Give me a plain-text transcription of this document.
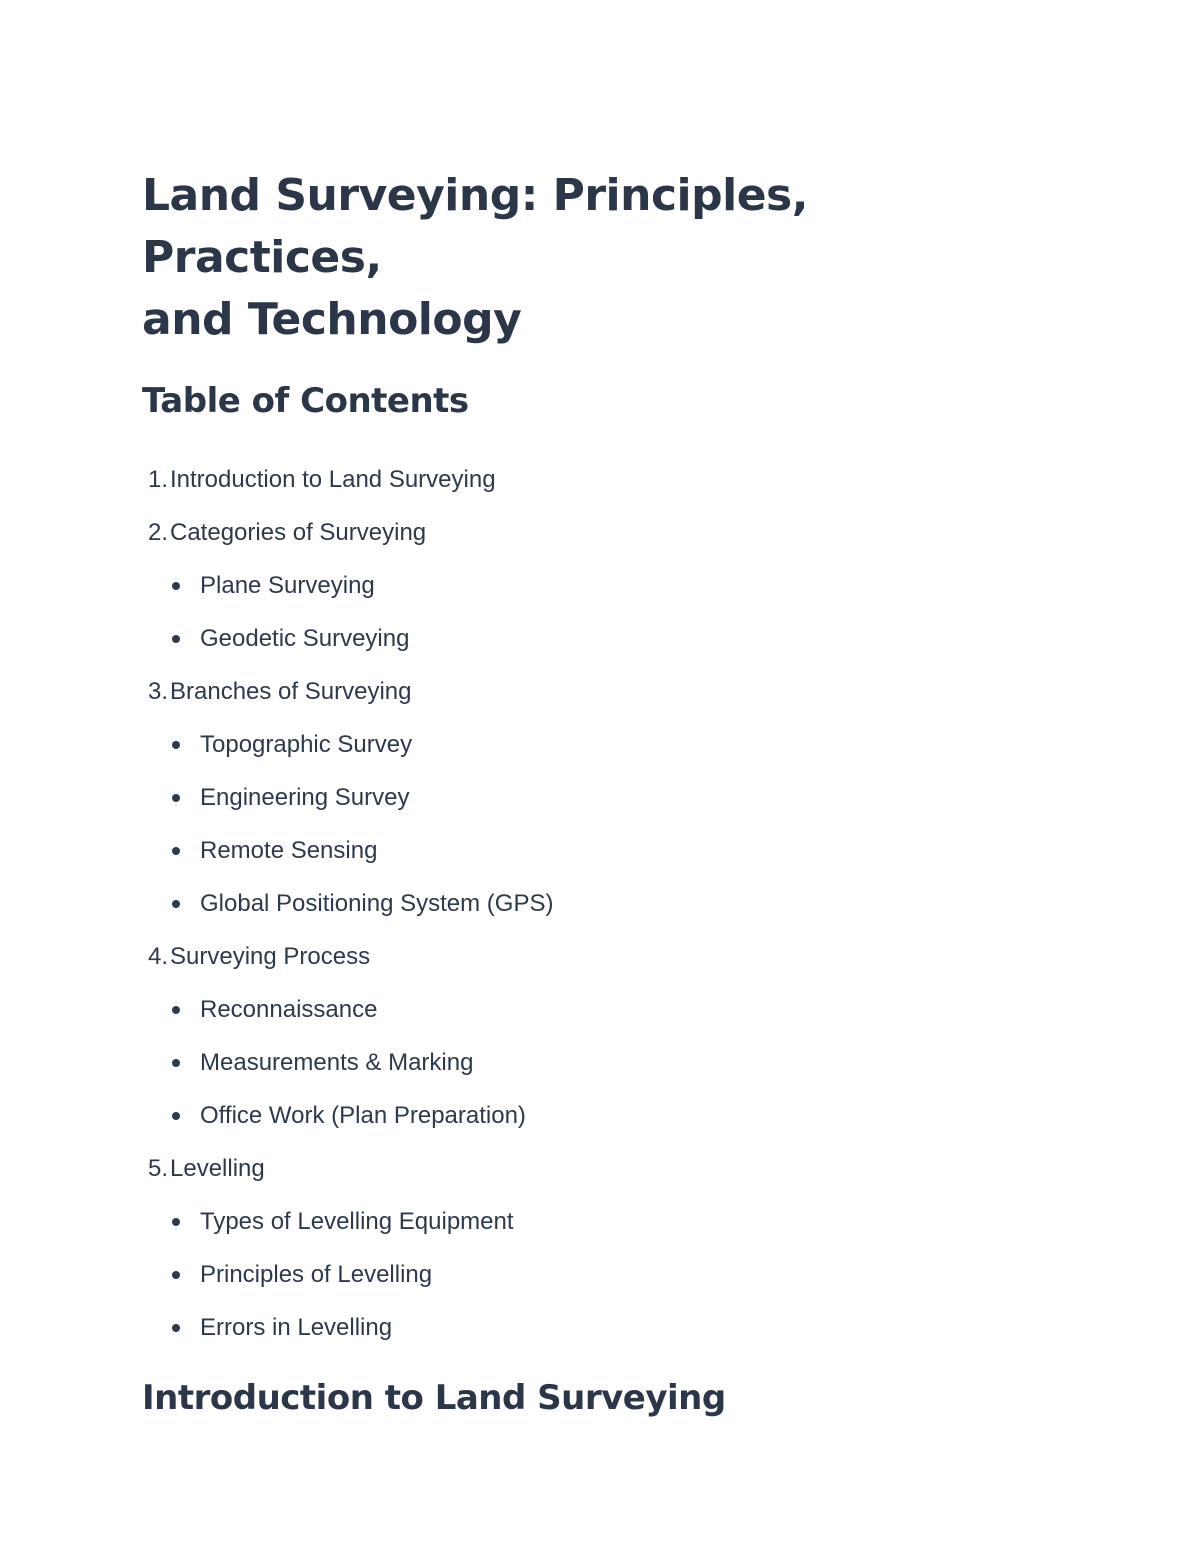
Land Surveying: Principles, Practices,
and Technology
Table of Contents
1. Introduction to Land Surveying
2. Categories of Surveying
Plane Surveying
Geodetic Surveying
3. Branches of Surveying
Topographic Survey
Engineering Survey
Remote Sensing
Global Positioning System (GPS)
4. Surveying Process
Reconnaissance
Measurements & Marking
Office Work (Plan Preparation)
5. Levelling
Types of Levelling Equipment
Principles of Levelling
Errors in Levelling
Introduction to Land Surveying
